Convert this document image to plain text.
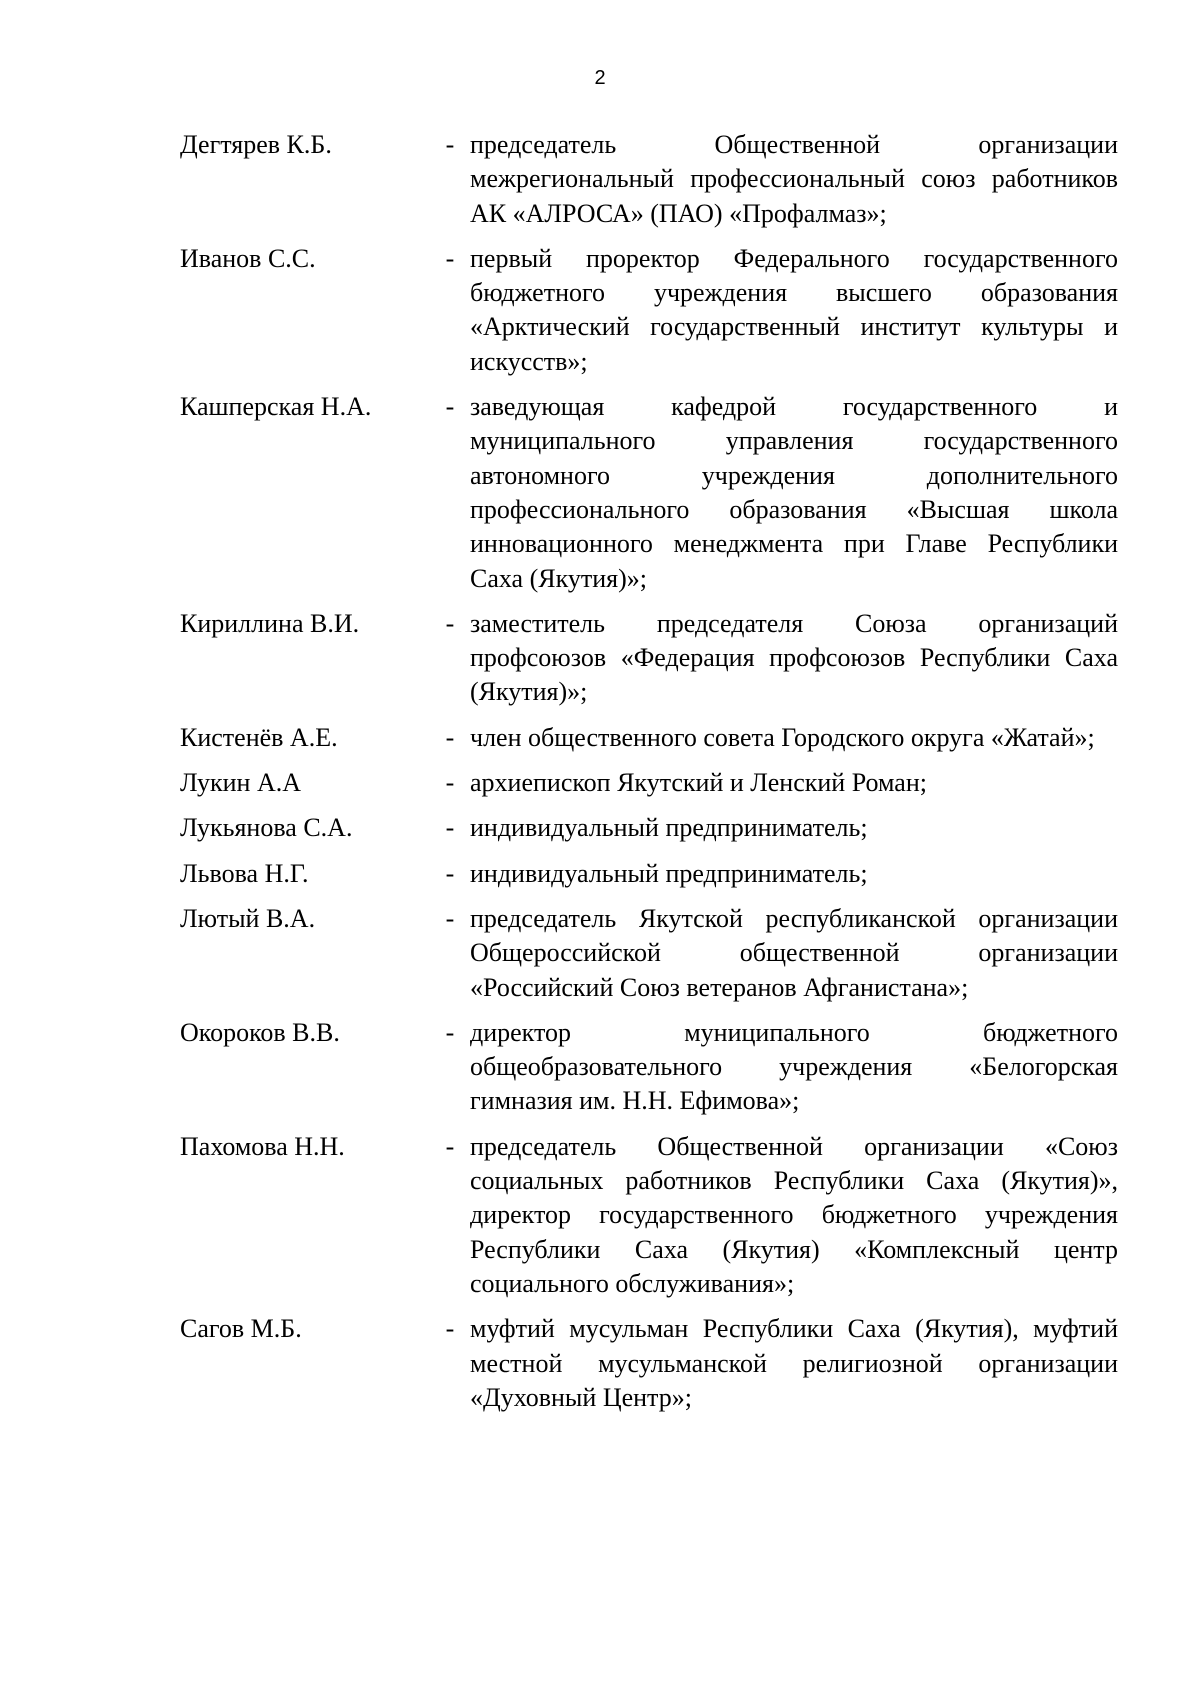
2
Дегтярев К.Б.	- председатель Общественной организации межрегиональный профессиональный союз работников АК «АЛРОСА» (ПАО) «Профалмаз»;
Иванов С.С.	- первый проректор Федерального государственного бюджетного учреждения высшего образования «Арктический государственный институт культуры и искусств»;
Кашперская Н.А.	- заведующая кафедрой государственного и муниципального управления государственного автономного учреждения дополнительного профессионального образования «Высшая школа инновационного менеджмента при Главе Республики Саха (Якутия)»;
Кириллина В.И.	- заместитель председателя Союза организаций профсоюзов «Федерация профсоюзов Республики Саха (Якутия)»;
Кистенёв А.Е.	- член общественного совета Городского округа «Жатай»;
Лукин А.А	- архиепископ Якутский и Ленский Роман;
Лукьянова С.А.	- индивидуальный предприниматель;
Львова Н.Г.	- индивидуальный предприниматель;
Лютый В.А.	- председатель Якутской республиканской организации Общероссийской общественной организации «Российский Союз ветеранов Афганистана»;
Окороков В.В.	- директор муниципального бюджетного общеобразовательного учреждения «Белогорская гимназия им. Н.Н. Ефимова»;
Пахомова Н.Н.	- председатель Общественной организации «Союз социальных работников Республики Саха (Якутия)», директор государственного бюджетного учреждения Республики Саха (Якутия) «Комплексный центр социального обслуживания»;
Сагов М.Б.	- муфтий мусульман Республики Саха (Якутия), муфтий местной мусульманской религиозной организации «Духовный Центр»;
